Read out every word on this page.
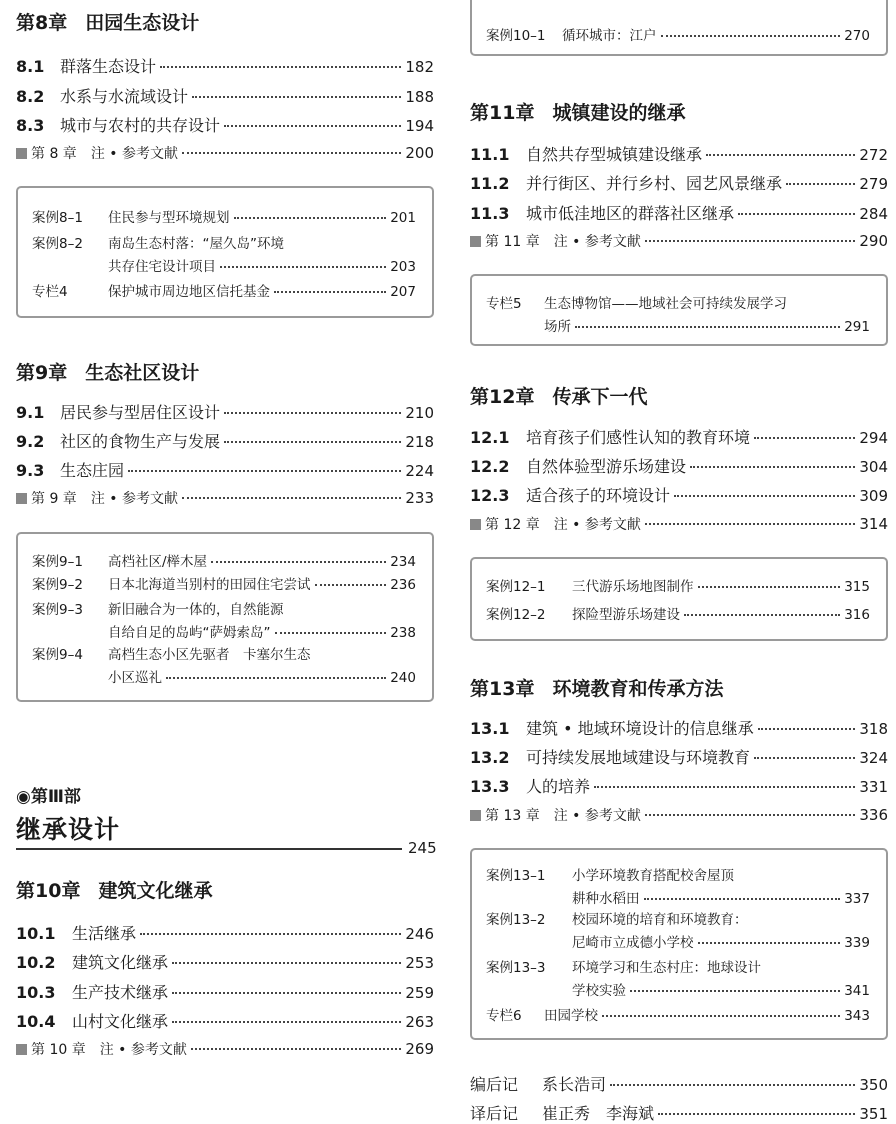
第8章 田园生态设计
8.1 群落生态设计	182
8.2 水系与水流域设计	188
8.3 城市与农村的共存设计	194
第 8 章 注 • 参考文献	200
案例8–1	住民参与型环境规划	201
案例8–2	南岛生态村落：“屋久岛”环境
共存住宅设计项目	203
专栏4	保护城市周边地区信托基金	207
第9章 生态社区设计
9.1 居民参与型居住区设计	210
9.2 社区的食物生产与发展	218
9.3 生态庄园	224
第 9 章 注 • 参考文献	233
案例9–1	高档社区/榉木屋	234
案例9–2	日本北海道当别村的田园住宅尝试	236
案例9–3	新旧融合为一体的，自然能源
自给自足的岛屿“萨姆索岛”	238
案例9–4	高档生态小区先驱者　卡塞尔生态
小区巡礼	240
◉第Ⅲ部
继承设计
245
第10章 建筑文化继承
10.1	生活继承	246
10.2	建筑文化继承	253
10.3	生产技术继承	259
10.4	山村文化继承	263
第 10 章 注 • 参考文献	269
案例10–1	循环城市：江户	270
第11章 城镇建设的继承
11.1	自然共存型城镇建设继承	272
11.2	并行街区、并行乡村、园艺风景继承	279
11.3	城市低洼地区的群落社区继承	284
第 11 章 注 • 参考文献	290
专栏5	生态博物馆——地域社会可持续发展学习
场所	291
第12章 传承下一代
12.1	培育孩子们感性认知的教育环境	294
12.2	自然体验型游乐场建设	304
12.3	适合孩子的环境设计	309
第 12 章 注 • 参考文献	314
案例12–1	三代游乐场地图制作	315
案例12–2	探险型游乐场建设	316
第13章 环境教育和传承方法
13.1	建筑 • 地域环境设计的信息继承	318
13.2	可持续发展地域建设与环境教育	324
13.3	人的培养	331
第 13 章 注 • 参考文献	336
案例13–1	小学环境教育搭配校舍屋顶
耕种水稻田	337
案例13–2	校园环境的培育和环境教育：
尼崎市立成德小学校	339
案例13–3	环境学习和生态村庄：地球设计
学校实验	341
专栏6	田园学校	343
编后记	系长浩司	350
译后记	崔正秀　李海斌	351
